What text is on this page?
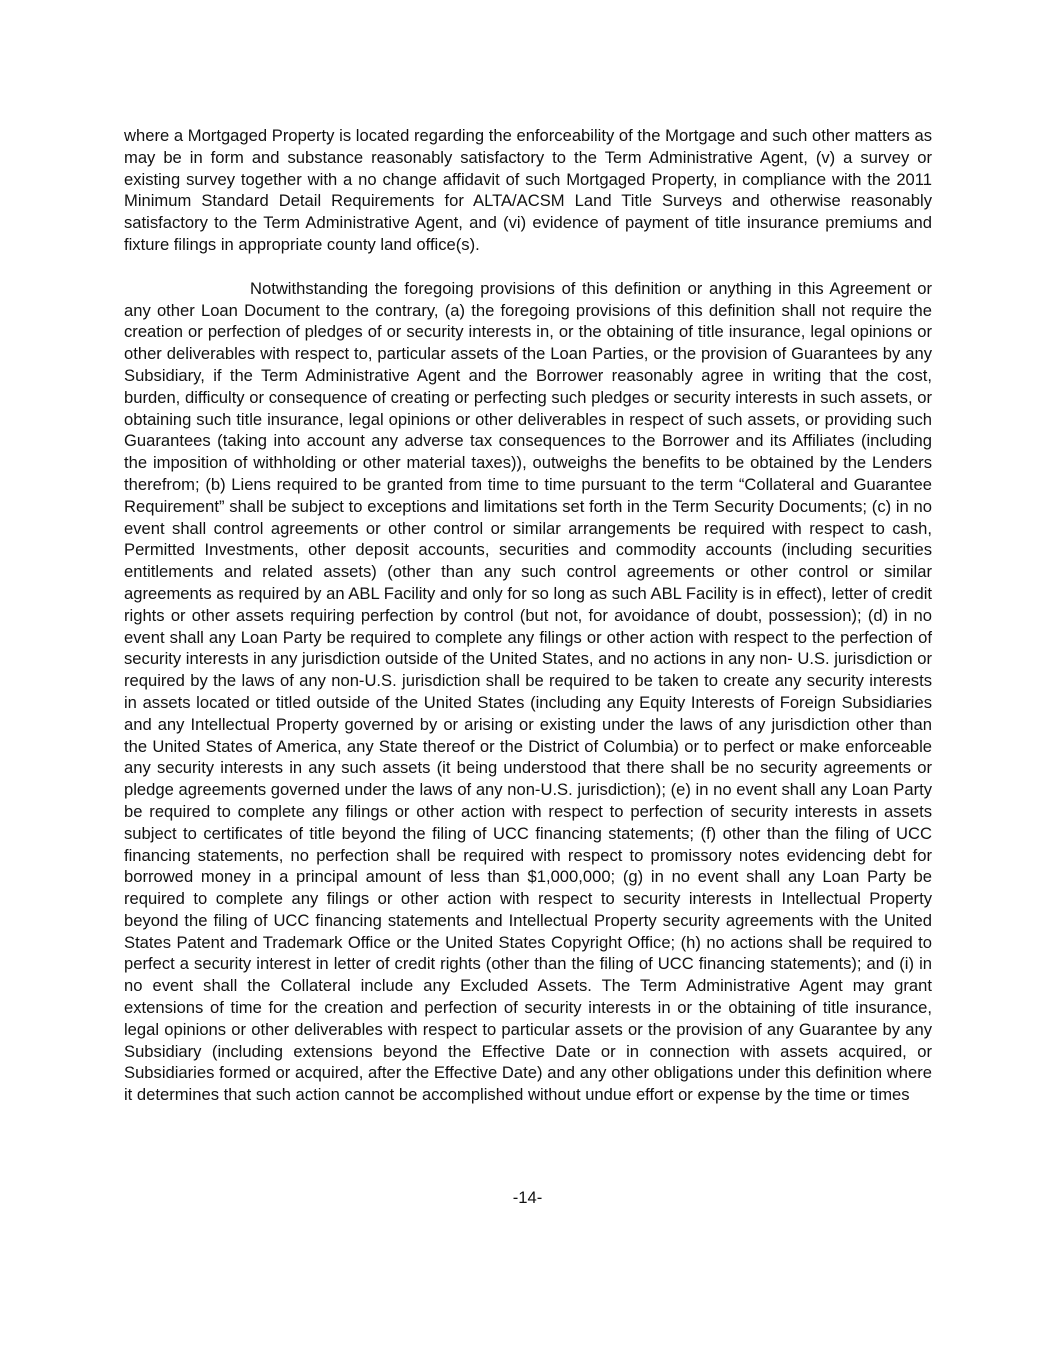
where a Mortgaged Property is located regarding the enforceability of the Mortgage and such other matters as may be in form and substance reasonably satisfactory to the Term Administrative Agent, (v) a survey or existing survey together with a no change affidavit of such Mortgaged Property, in compliance with the 2011 Minimum Standard Detail Requirements for ALTA/ACSM Land Title Surveys and otherwise reasonably satisfactory to the Term Administrative Agent, and (vi) evidence of payment of title insurance premiums and fixture filings in appropriate county land office(s).

Notwithstanding the foregoing provisions of this definition or anything in this Agreement or any other Loan Document to the contrary, (a) the foregoing provisions of this definition shall not require the creation or perfection of pledges of or security interests in, or the obtaining of title insurance, legal opinions or other deliverables with respect to, particular assets of the Loan Parties, or the provision of Guarantees by any Subsidiary, if the Term Administrative Agent and the Borrower reasonably agree in writing that the cost, burden, difficulty or consequence of creating or perfecting such pledges or security interests in such assets, or obtaining such title insurance, legal opinions or other deliverables in respect of such assets, or providing such Guarantees (taking into account any adverse tax consequences to the Borrower and its Affiliates (including the imposition of withholding or other material taxes)), outweighs the benefits to be obtained by the Lenders therefrom; (b) Liens required to be granted from time to time pursuant to the term “Collateral and Guarantee Requirement” shall be subject to exceptions and limitations set forth in the Term Security Documents; (c) in no event shall control agreements or other control or similar arrangements be required with respect to cash, Permitted Investments, other deposit accounts, securities and commodity accounts (including securities entitlements and related assets) (other than any such control agreements or other control or similar agreements as required by an ABL Facility and only for so long as such ABL Facility is in effect), letter of credit rights or other assets requiring perfection by control (but not, for avoidance of doubt, possession); (d) in no event shall any Loan Party be required to complete any filings or other action with respect to the perfection of security interests in any jurisdiction outside of the United States, and no actions in any non- U.S. jurisdiction or required by the laws of any non-U.S. jurisdiction shall be required to be taken to create any security interests in assets located or titled outside of the United States (including any Equity Interests of Foreign Subsidiaries and any Intellectual Property governed by or arising or existing under the laws of any jurisdiction other than the United States of America, any State thereof or the District of Columbia) or to perfect or make enforceable any security interests in any such assets (it being understood that there shall be no security agreements or pledge agreements governed under the laws of any non-U.S. jurisdiction); (e) in no event shall any Loan Party be required to complete any filings or other action with respect to perfection of security interests in assets subject to certificates of title beyond the filing of UCC financing statements; (f) other than the filing of UCC financing statements, no perfection shall be required with respect to promissory notes evidencing debt for borrowed money in a principal amount of less than $1,000,000; (g) in no event shall any Loan Party be required to complete any filings or other action with respect to security interests in Intellectual Property beyond the filing of UCC financing statements and Intellectual Property security agreements with the United States Patent and Trademark Office or the United States Copyright Office; (h) no actions shall be required to perfect a security interest in letter of credit rights (other than the filing of UCC financing statements); and (i) in no event shall the Collateral include any Excluded Assets. The Term Administrative Agent may grant extensions of time for the creation and perfection of security interests in or the obtaining of title insurance, legal opinions or other deliverables with respect to particular assets or the provision of any Guarantee by any Subsidiary (including extensions beyond the Effective Date or in connection with assets acquired, or Subsidiaries formed or acquired, after the Effective Date) and any other obligations under this definition where it determines that such action cannot be accomplished without undue effort or expense by the time or times

-14-
